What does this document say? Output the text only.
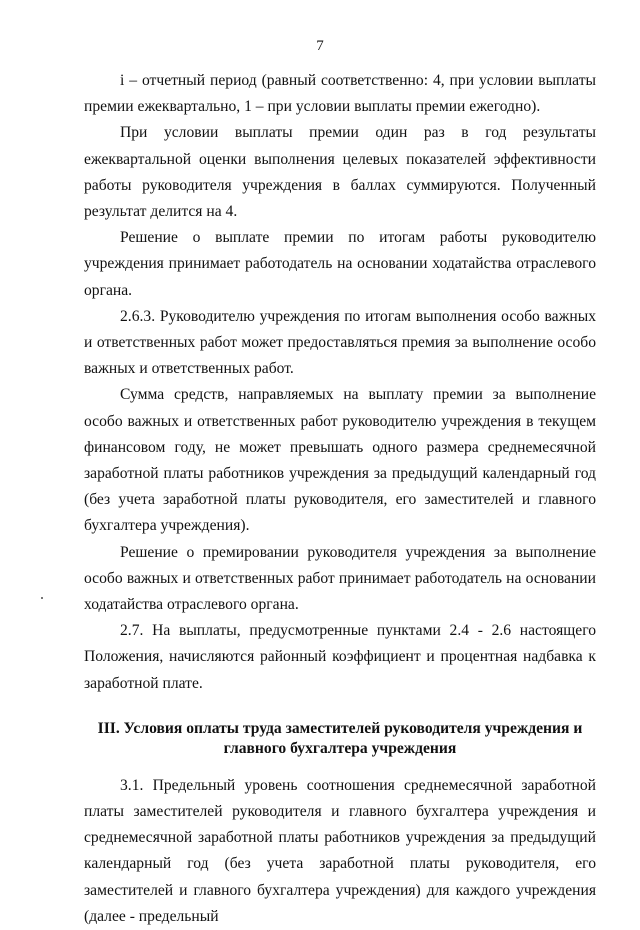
7

i – отчетный период (равный соответственно: 4, при условии выплаты премии ежеквартально, 1 – при условии выплаты премии ежегодно).

При условии выплаты премии один раз в год результаты ежеквартальной оценки выполнения целевых показателей эффективности работы руководителя учреждения в баллах суммируются. Полученный результат делится на 4.

Решение о выплате премии по итогам работы руководителю учреждения принимает работодатель на основании ходатайства отраслевого органа.

2.6.3. Руководителю учреждения по итогам выполнения особо важных и ответственных работ может предоставляться премия за выполнение особо важных и ответственных работ.

Сумма средств, направляемых на выплату премии за выполнение особо важных и ответственных работ руководителю учреждения в текущем финансовом году, не может превышать одного размера среднемесячной заработной платы работников учреждения за предыдущий календарный год (без учета заработной платы руководителя, его заместителей и главного бухгалтера учреждения).

Решение о премировании руководителя учреждения за выполнение особо важных и ответственных работ принимает работодатель на основании ходатайства отраслевого органа.

2.7. На выплаты, предусмотренные пунктами 2.4 - 2.6 настоящего Положения, начисляются районный коэффициент и процентная надбавка к заработной плате.

III. Условия оплаты труда заместителей руководителя учреждения и главного бухгалтера учреждения

3.1. Предельный уровень соотношения среднемесячной заработной платы заместителей руководителя и главного бухгалтера учреждения и среднемесячной заработной платы работников учреждения за предыдущий календарный год (без учета заработной платы руководителя, его заместителей и главного бухгалтера учреждения) для каждого учреждения (далее - предельный
